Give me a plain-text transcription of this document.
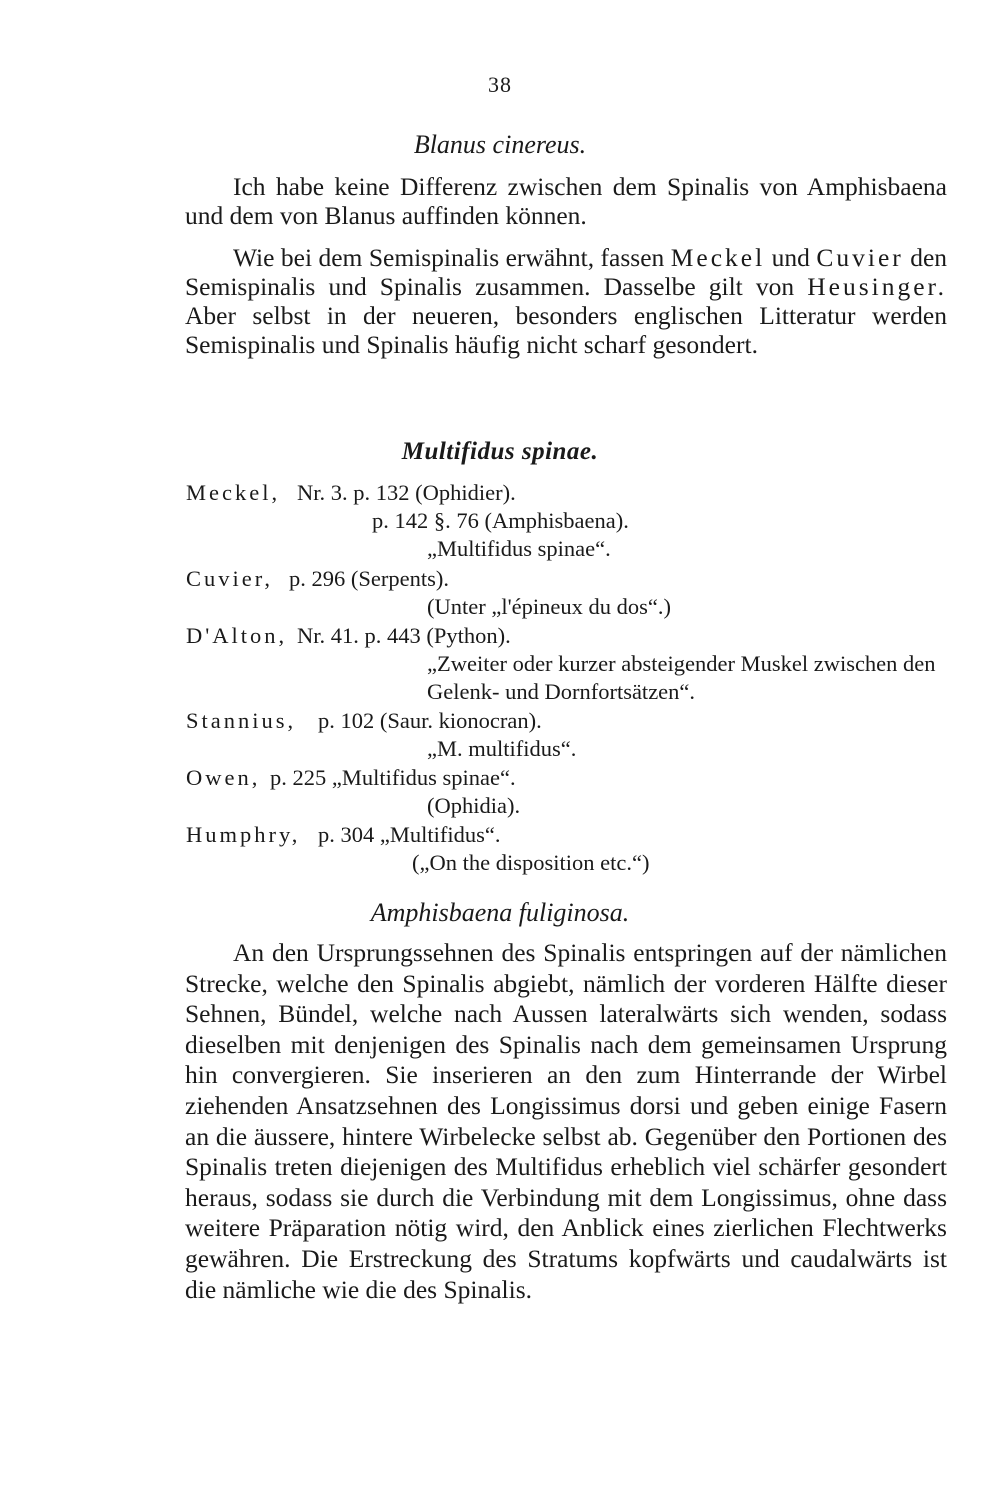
38
Blanus cinereus.

Ich habe keine Differenz zwischen dem Spinalis von Amphisbaena und dem von Blanus auffinden können.

Wie bei dem Semispinalis erwähnt, fassen Meckel und Cuvier den Semispinalis und Spinalis zusammen. Dasselbe gilt von Heusinger. Aber selbst in der neueren, besonders englischen Litteratur werden Semispinalis und Spinalis häufig nicht scharf gesondert.

Multifidus spinae.
Meckel, Nr. 3. p. 132 (Ophidier).
p. 142 §. 76 (Amphisbaena).
„Multifidus spinae“.
Cuvier, p. 296 (Serpents).
(Unter „l'épineux du dos“.)
D'Alton, Nr. 41. p. 443 (Python).
„Zweiter oder kurzer absteigender Muskel zwischen den Gelenk- und Dornfortsätzen“.
Stannius, p. 102 (Saur. kionocran).
„M. multifidus“.
Owen, p. 225 „Multifidus spinae“.
(Ophidia).
Humphry, p. 304 „Multifidus“.
(„On the disposition etc.“)
Amphisbaena fuliginosa.

An den Ursprungssehnen des Spinalis entspringen auf der nämlichen Strecke, welche den Spinalis abgiebt, nämlich der vorderen Hälfte dieser Sehnen, Bündel, welche nach Aussen lateralwärts sich wenden, sodass dieselben mit denjenigen des Spinalis nach dem gemeinsamen Ursprung hin convergieren. Sie inserieren an den zum Hinterrande der Wirbel ziehenden Ansatzsehnen des Longissimus dorsi und geben einige Fasern an die äussere, hintere Wirbelecke selbst ab. Gegenüber den Portionen des Spinalis treten diejenigen des Multifidus erheblich viel schärfer gesondert heraus, sodass sie durch die Verbindung mit dem Longissimus, ohne dass weitere Präparation nötig wird, den Anblick eines zierlichen Flechtwerks gewähren. Die Erstreckung des Stratums kopfwärts und caudalwärts ist die nämliche wie die des Spinalis.
